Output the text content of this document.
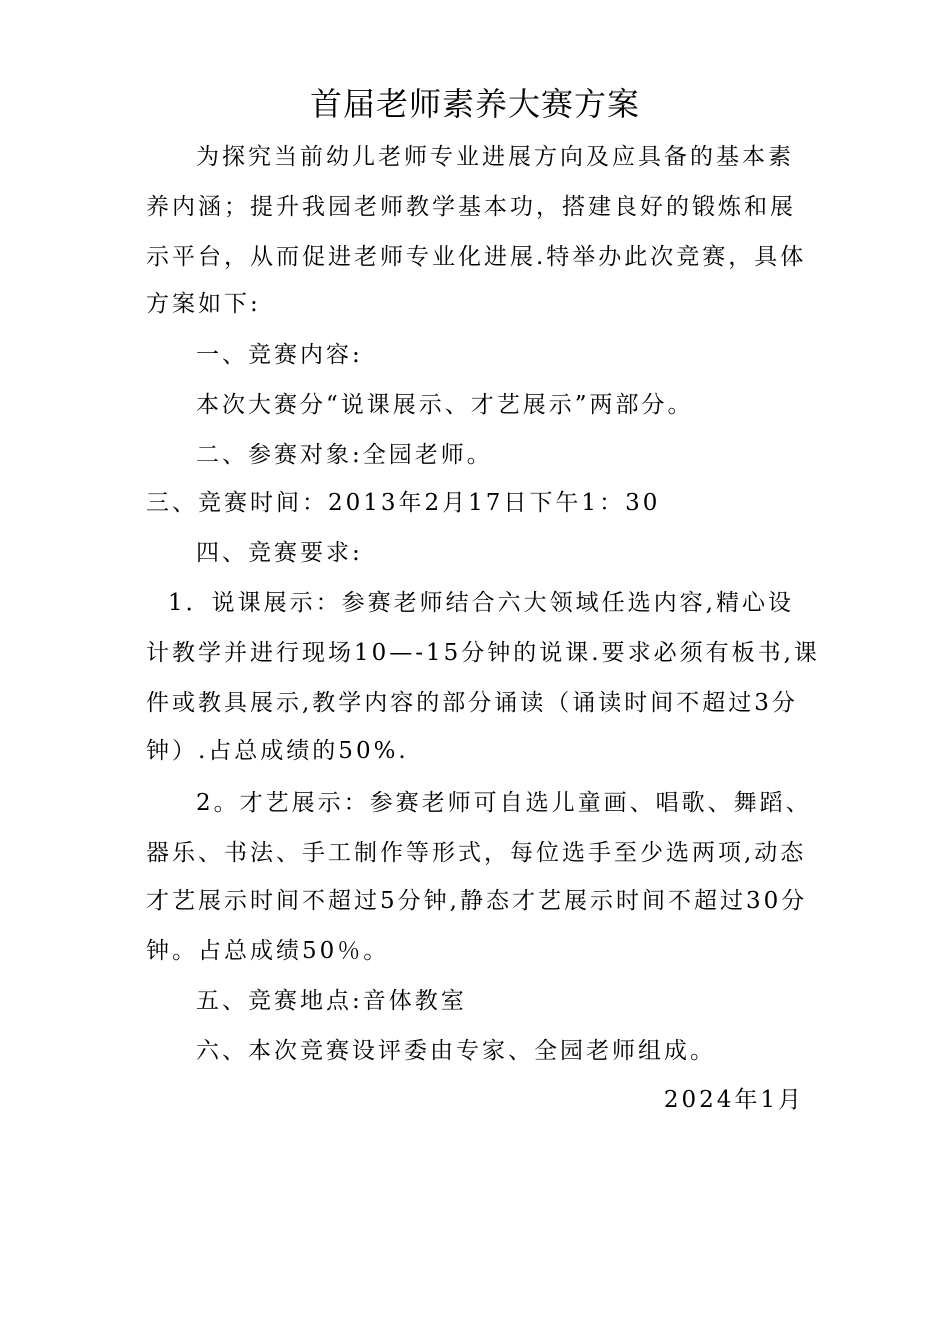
首届老师素养大赛方案
为探究当前幼儿老师专业进展方向及应具备的基本素
养内涵；提升我园老师教学基本功，搭建良好的锻炼和展
示平台，从而促进老师专业化进展.特举办此次竞赛，具体
方案如下:
一、竞赛内容:
本次大赛分“说课展示、才艺展示”两部分。
二、参赛对象:全园老师。
三、竞赛时间：2013年2月17日下午1：30
四、竞赛要求:
1．说课展示：参赛老师结合六大领域任选内容,精心设
计教学并进行现场10—-15分钟的说课.要求必须有板书,课
件或教具展示,教学内容的部分诵读（诵读时间不超过3分
钟）.占总成绩的50%.
2。才艺展示：参赛老师可自选儿童画、唱歌、舞蹈、
器乐、书法、手工制作等形式，每位选手至少选两项,动态
才艺展示时间不超过5分钟,静态才艺展示时间不超过30分
钟。占总成绩50％。
五、竞赛地点:音体教室
六、本次竞赛设评委由专家、全园老师组成。
2024年1月
